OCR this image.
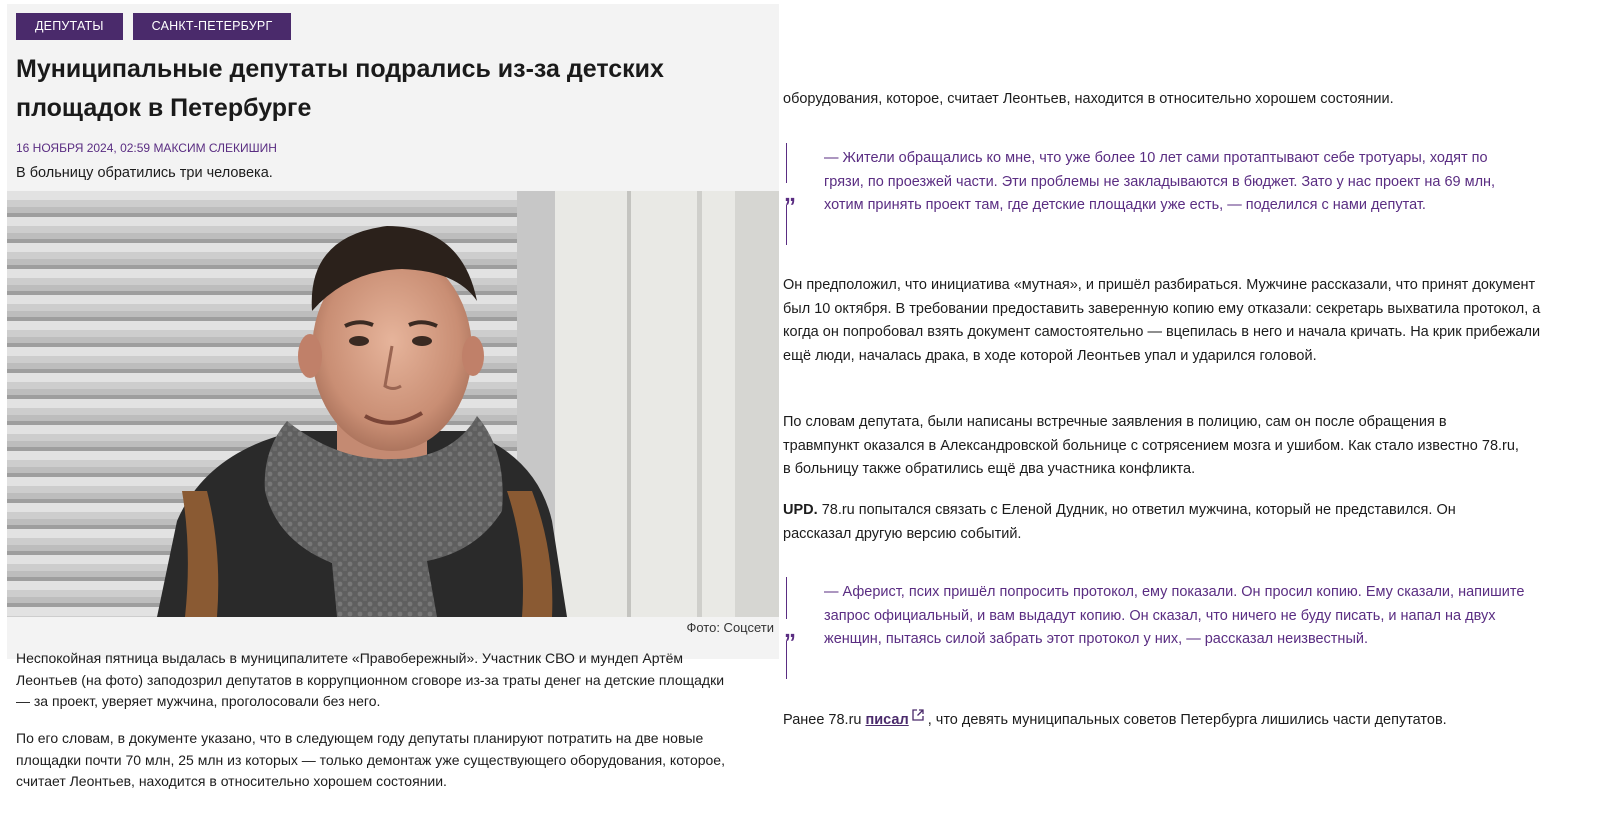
ДЕПУТАТЫ	САНКТ-ПЕТЕРБУРГ
Муниципальные депутаты подрались из-за детских площадок в Петербурге
16 НОЯБРЯ 2024, 02:59 МАКСИМ СЛЕКИШИН

В больницу обратились три человека.

Фото: Соцсети

Неспокойная пятница выдалась в муниципалитете «Правобережный». Участник СВО и мундеп Артём Леонтьев (на фото) заподозрил депутатов в коррупционном сговоре из-за траты денег на детские площадки — за проект, уверяет мужчина, проголосовали без него.

По его словам, в документе указано, что в следующем году депутаты планируют потратить на две новые площадки почти 70 млн, 25 млн из которых — только демонтаж уже существующего оборудования, которое, считает Леонтьев, находится в относительно хорошем состоянии.

оборудования, которое, считает Леонтьев, находится в относительно хорошем состоянии.

„

— Жители обращались ко мне, что уже более 10 лет сами протаптывают себе тротуары, ходят по грязи, по проезжей части. Эти проблемы не закладываются в бюджет. Зато у нас проект на 69 млн, хотим принять проект там, где детские площадки уже есть, — поделился с нами депутат.

Он предположил, что инициатива «мутная», и пришёл разбираться. Мужчине рассказали, что принят документ был 10 октября. В требовании предоставить заверенную копию ему отказали: секретарь выхватила протокол, а когда он попробовал взять документ самостоятельно — вцепилась в него и начала кричать. На крик прибежали ещё люди, началась драка, в ходе которой Леонтьев упал и ударился головой.

По словам депутата, были написаны встречные заявления в полицию, сам он после обращения в травмпункт оказался в Александровской больнице с сотрясением мозга и ушибом. Как стало известно 78.ru, в больницу также обратились ещё два участника конфликта.

UPD. 78.ru попытался связать с Еленой Дудник, но ответил мужчина, который не представился. Он рассказал другую версию событий.

„

— Аферист, псих пришёл попросить протокол, ему показали. Он просил копию. Ему сказали, напишите запрос официальный, и вам выдадут копию. Он сказал, что ничего не буду писать, и напал на двух женщин, пытаясь силой забрать этот протокол у них, — рассказал неизвестный.

Ранее 78.ru писал , что девять муниципальных советов Петербурга лишились части депутатов.
